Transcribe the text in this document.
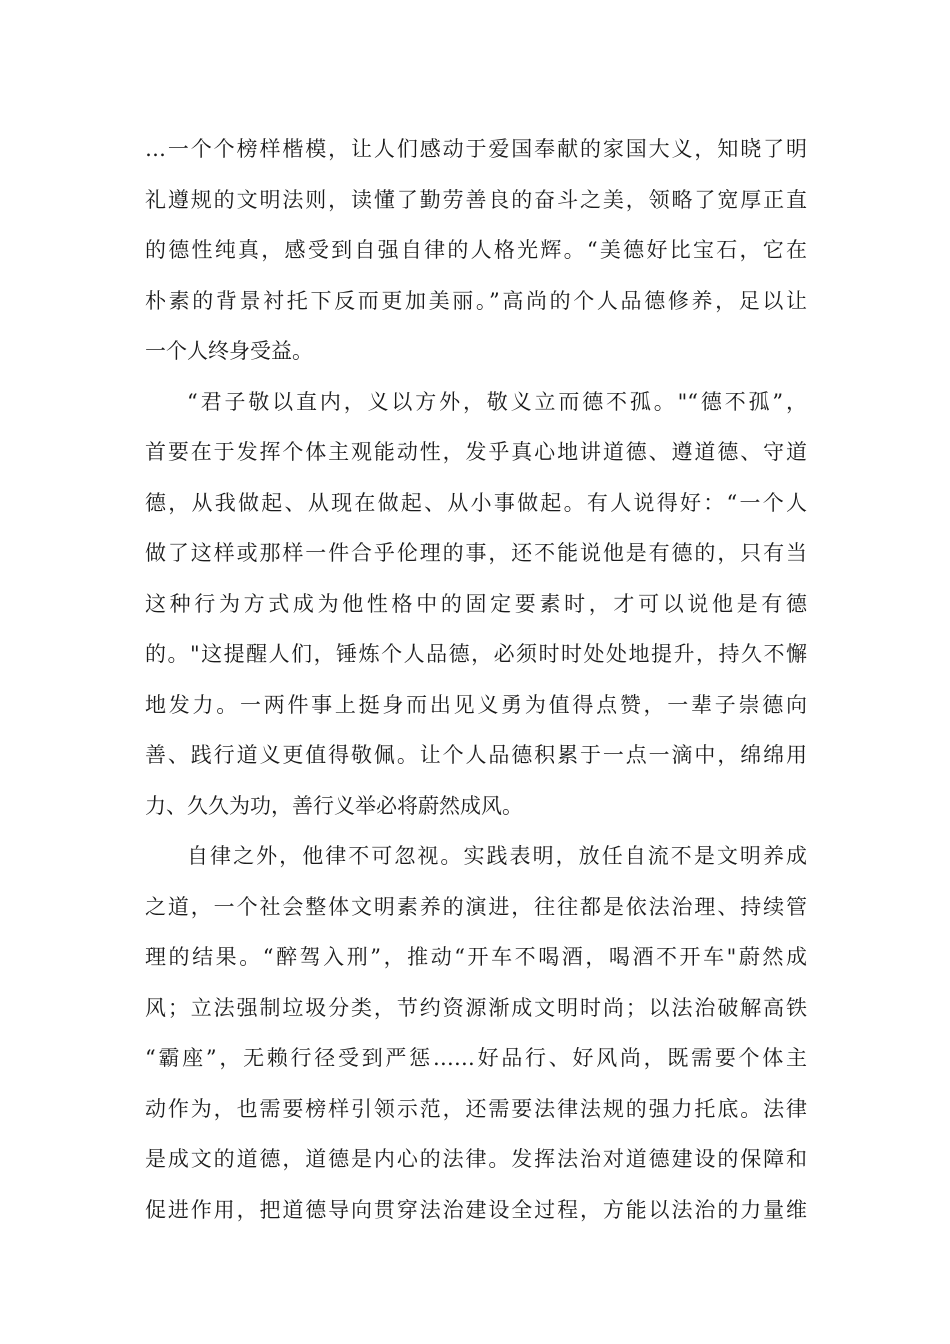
…一个个榜样楷模，让人们感动于爱国奉献的家国大义，知晓了明
礼遵规的文明法则，读懂了勤劳善良的奋斗之美，领略了宽厚正直
的德性纯真，感受到自强自律的人格光辉。“美德好比宝石，它在
朴素的背景衬托下反而更加美丽。”高尚的个人品德修养，足以让
一个人终身受益。
“君子敬以直内，义以方外，敬义立而德不孤。"“德不孤”，
首要在于发挥个体主观能动性，发乎真心地讲道德、遵道德、守道
德，从我做起、从现在做起、从小事做起。有人说得好：“一个人
做了这样或那样一件合乎伦理的事，还不能说他是有德的，只有当
这种行为方式成为他性格中的固定要素时，才可以说他是有德
的。"这提醒人们，锤炼个人品德，必须时时处处地提升，持久不懈
地发力。一两件事上挺身而出见义勇为值得点赞，一辈子崇德向
善、践行道义更值得敬佩。让个人品德积累于一点一滴中，绵绵用
力、久久为功，善行义举必将蔚然成风。
自律之外，他律不可忽视。实践表明，放任自流不是文明养成
之道，一个社会整体文明素养的演进，往往都是依法治理、持续管
理的结果。“醉驾入刑”，推动“开车不喝酒，喝酒不开车"蔚然成
风；立法强制垃圾分类，节约资源渐成文明时尚；以法治破解高铁
“霸座”，无赖行径受到严惩……好品行、好风尚，既需要个体主
动作为，也需要榜样引领示范，还需要法律法规的强力托底。法律
是成文的道德，道德是内心的法律。发挥法治对道德建设的保障和
促进作用，把道德导向贯穿法治建设全过程，方能以法治的力量维
